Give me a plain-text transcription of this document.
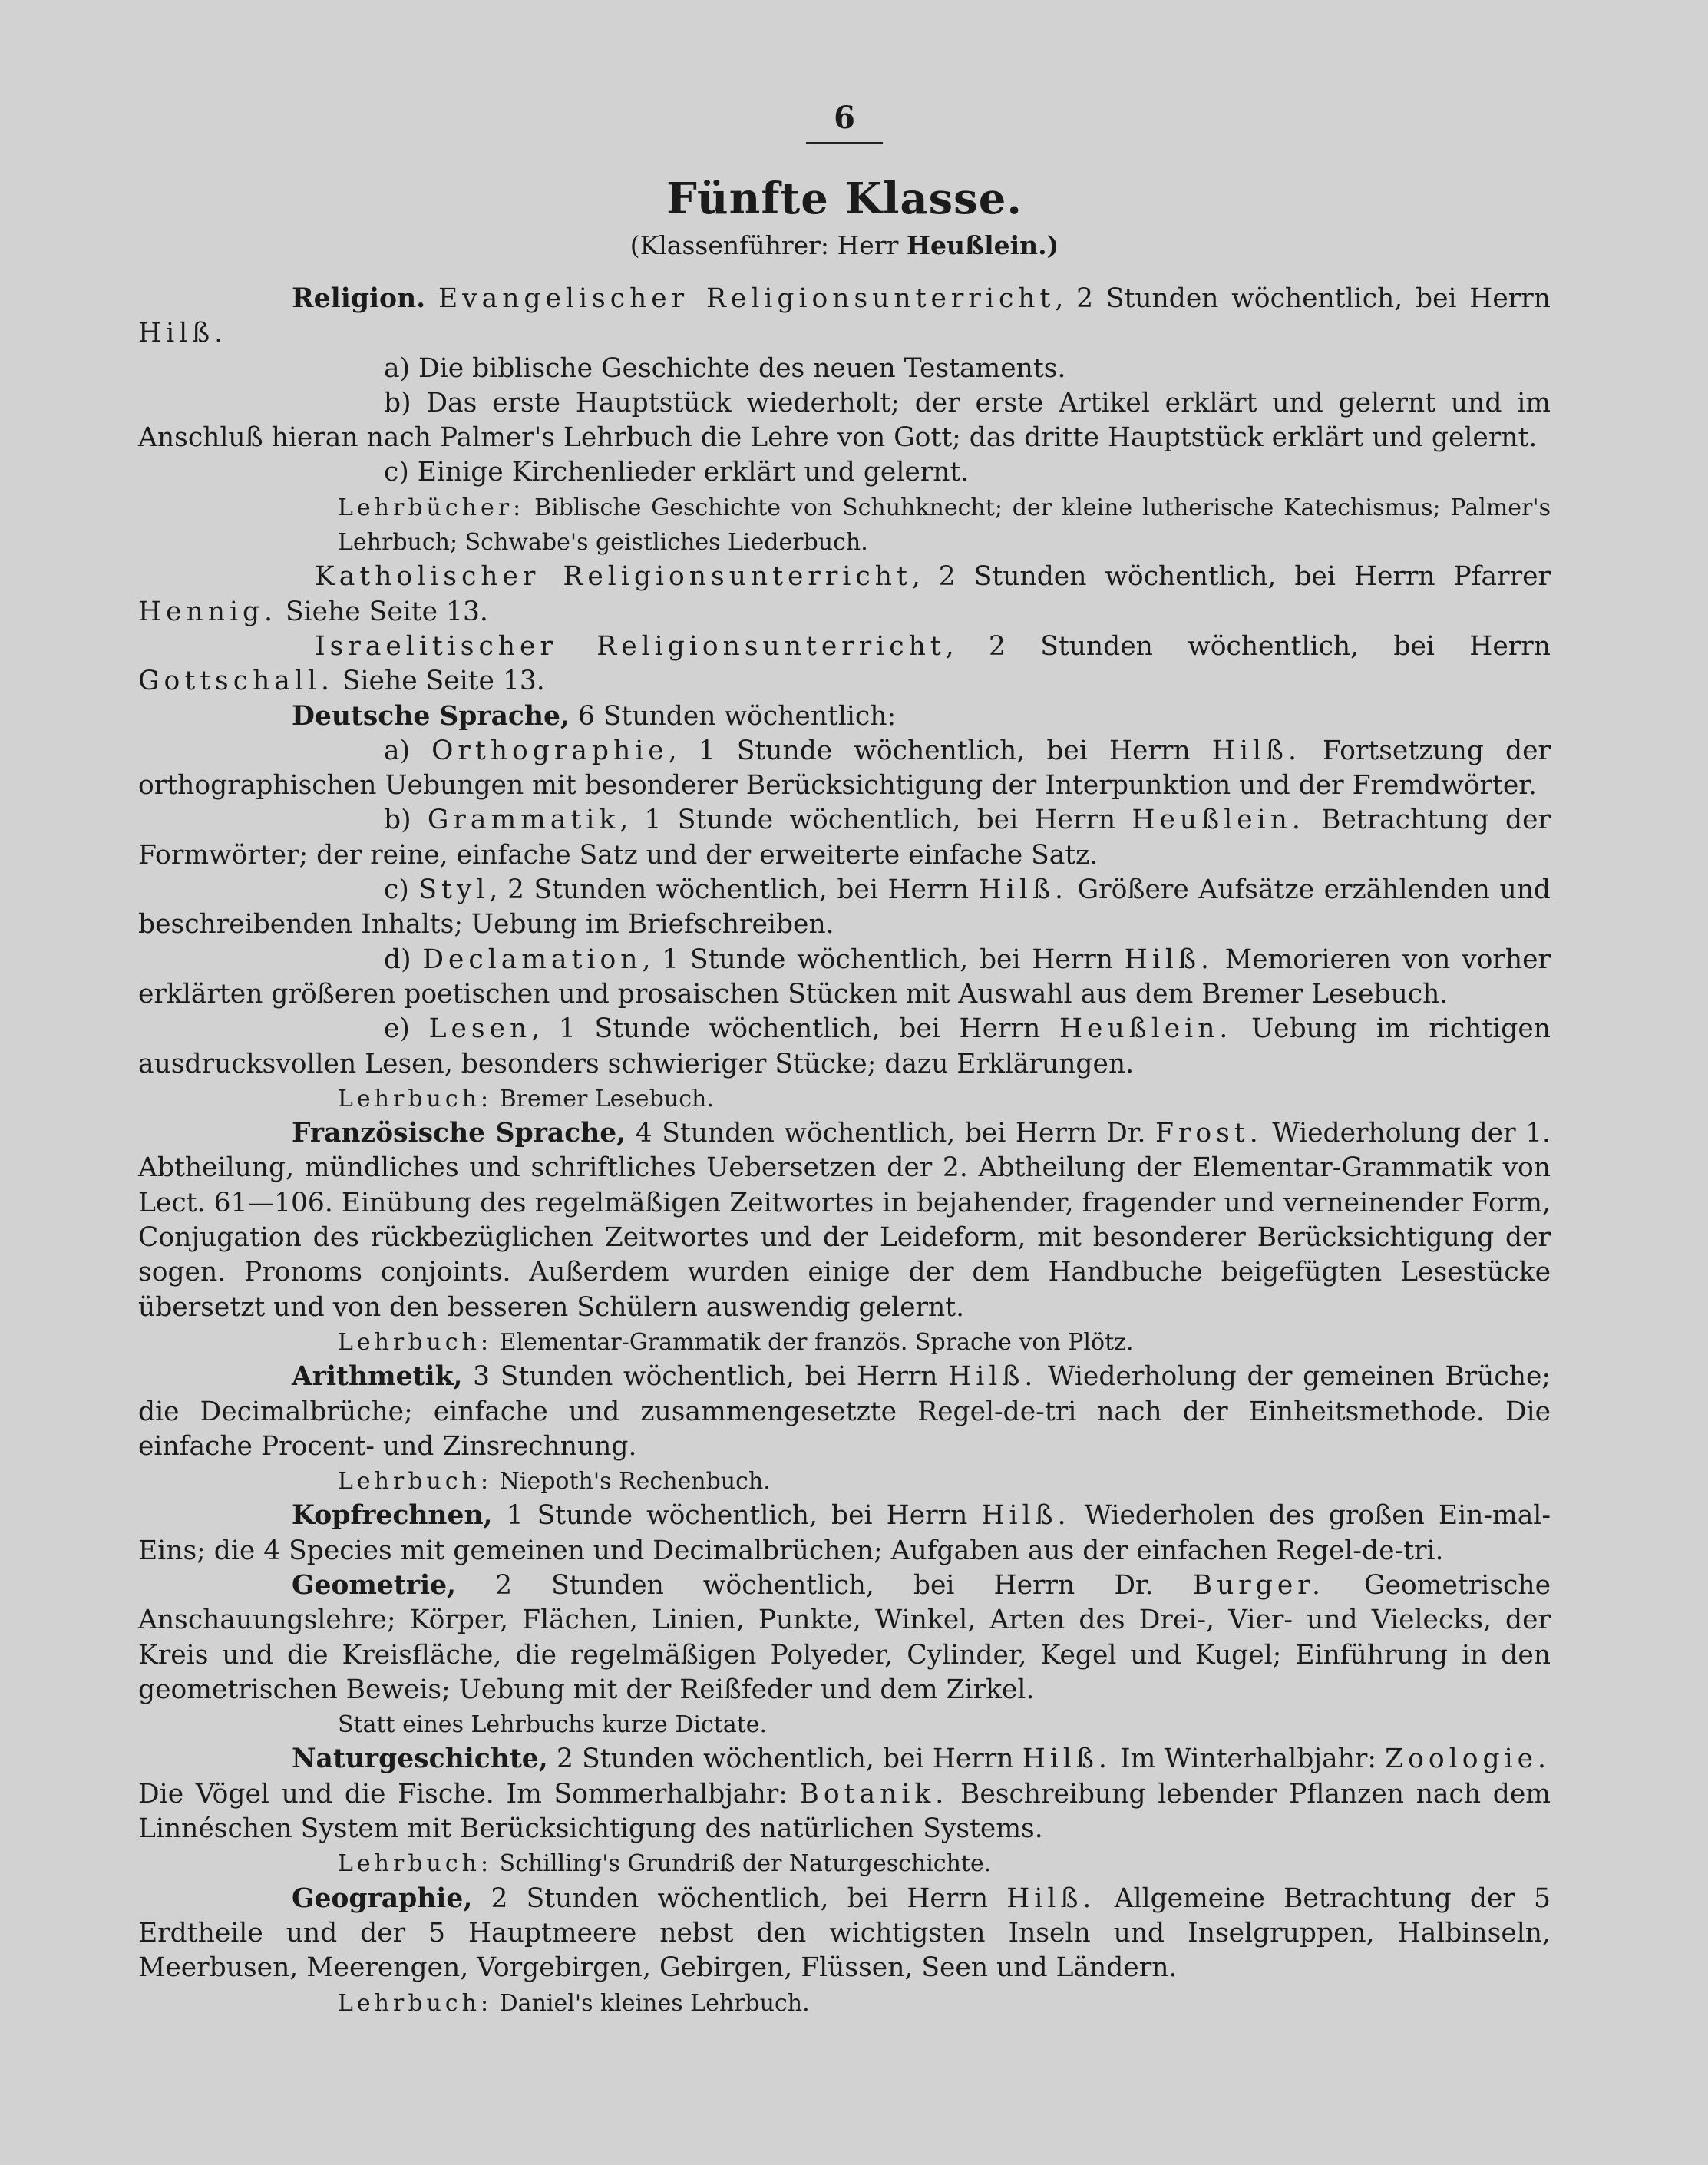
6
Fünfte Klasse.
(Klassenführer: Herr Heußlein.)

Religion. Evangelischer Religionsunterricht, 2 Stunden wöchentlich, bei Herrn Hilß.

a) Die biblische Geschichte des neuen Testaments.

b) Das erste Hauptstück wiederholt; der erste Artikel erklärt und gelernt und im Anschluß hieran nach Palmer's Lehrbuch die Lehre von Gott; das dritte Hauptstück erklärt und gelernt.

c) Einige Kirchenlieder erklärt und gelernt.

Lehrbücher: Biblische Geschichte von Schuhknecht; der kleine lutherische Katechismus; Palmer's Lehrbuch; Schwabe's geistliches Liederbuch.

Katholischer Religionsunterricht, 2 Stunden wöchentlich, bei Herrn Pfarrer Hennig. Siehe Seite 13.

Israelitischer Religionsunterricht, 2 Stunden wöchentlich, bei Herrn Gottschall. Siehe Seite 13.

Deutsche Sprache, 6 Stunden wöchentlich:

a) Orthographie, 1 Stunde wöchentlich, bei Herrn Hilß. Fortsetzung der orthographischen Uebungen mit besonderer Berücksichtigung der Interpunktion und der Fremdwörter.

b) Grammatik, 1 Stunde wöchentlich, bei Herrn Heußlein. Betrachtung der Formwörter; der reine, einfache Satz und der erweiterte einfache Satz.

c) Styl, 2 Stunden wöchentlich, bei Herrn Hilß. Größere Aufsätze erzählenden und beschreibenden Inhalts; Uebung im Briefschreiben.

d) Declamation, 1 Stunde wöchentlich, bei Herrn Hilß. Memorieren von vorher erklärten größeren poetischen und prosaischen Stücken mit Auswahl aus dem Bremer Lesebuch.

e) Lesen, 1 Stunde wöchentlich, bei Herrn Heußlein. Uebung im richtigen ausdrucksvollen Lesen, besonders schwieriger Stücke; dazu Erklärungen.

Lehrbuch: Bremer Lesebuch.

Französische Sprache, 4 Stunden wöchentlich, bei Herrn Dr. Frost. Wiederholung der 1. Abtheilung, mündliches und schriftliches Uebersetzen der 2. Abtheilung der Elementar-Grammatik von Lect. 61—106. Einübung des regelmäßigen Zeitwortes in bejahender, fragender und verneinender Form, Conjugation des rückbezüglichen Zeitwortes und der Leideform, mit besonderer Berücksichtigung der sogen. Pronoms conjoints. Außerdem wurden einige der dem Handbuche beigefügten Lesestücke übersetzt und von den besseren Schülern auswendig gelernt.

Lehrbuch: Elementar-Grammatik der französ. Sprache von Plötz.

Arithmetik, 3 Stunden wöchentlich, bei Herrn Hilß. Wiederholung der gemeinen Brüche; die Decimalbrüche; einfache und zusammengesetzte Regel-de-tri nach der Einheitsmethode. Die einfache Procent- und Zinsrechnung.

Lehrbuch: Niepoth's Rechenbuch.

Kopfrechnen, 1 Stunde wöchentlich, bei Herrn Hilß. Wiederholen des großen Ein-mal-Eins; die 4 Species mit gemeinen und Decimalbrüchen; Aufgaben aus der einfachen Regel-de-tri.

Geometrie, 2 Stunden wöchentlich, bei Herrn Dr. Burger. Geometrische Anschauungslehre; Körper, Flächen, Linien, Punkte, Winkel, Arten des Drei-, Vier- und Vielecks, der Kreis und die Kreisfläche, die regelmäßigen Polyeder, Cylinder, Kegel und Kugel; Einführung in den geometrischen Beweis; Uebung mit der Reißfeder und dem Zirkel.

Statt eines Lehrbuchs kurze Dictate.

Naturgeschichte, 2 Stunden wöchentlich, bei Herrn Hilß. Im Winterhalbjahr: Zoologie. Die Vögel und die Fische. Im Sommerhalbjahr: Botanik. Beschreibung lebender Pflanzen nach dem Linnéschen System mit Berücksichtigung des natürlichen Systems.

Lehrbuch: Schilling's Grundriß der Naturgeschichte.

Geographie, 2 Stunden wöchentlich, bei Herrn Hilß. Allgemeine Betrachtung der 5 Erdtheile und der 5 Hauptmeere nebst den wichtigsten Inseln und Inselgruppen, Halbinseln, Meerbusen, Meerengen, Vorgebirgen, Gebirgen, Flüssen, Seen und Ländern.

Lehrbuch: Daniel's kleines Lehrbuch.
